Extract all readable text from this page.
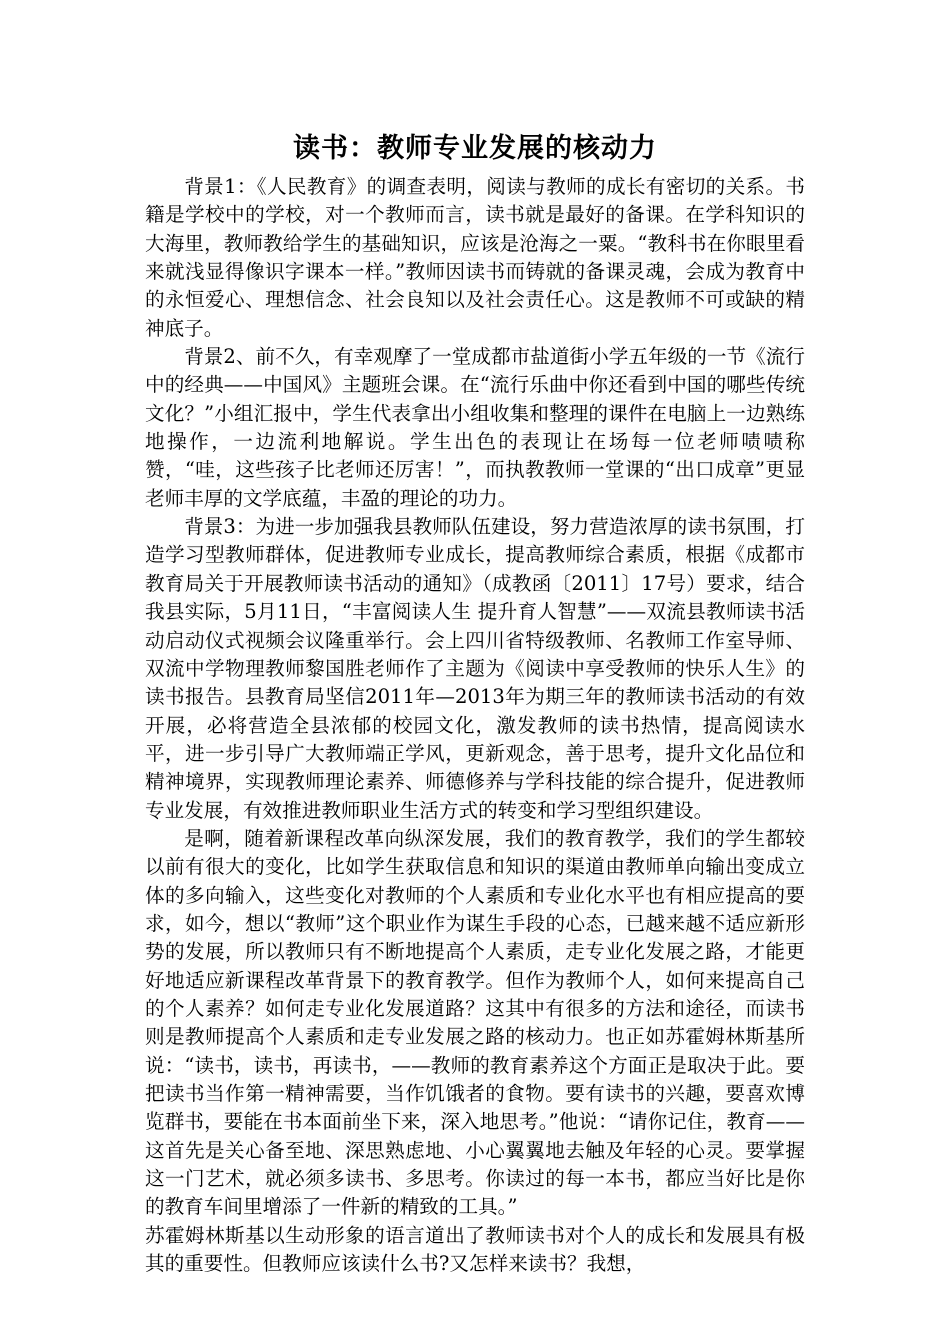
读书：教师专业发展的核动力

背景1：《人民教育》的调查表明，阅读与教师的成长有密切的关系。书籍是学校中的学校，对一个教师而言，读书就是最好的备课。在学科知识的大海里，教师教给学生的基础知识，应该是沧海之一粟。“教科书在你眼里看来就浅显得像识字课本一样。”教师因读书而铸就的备课灵魂，会成为教育中的永恒爱心、理想信念、社会良知以及社会责任心。这是教师不可或缺的精神底子。

背景2、前不久，有幸观摩了一堂成都市盐道街小学五年级的一节《流行中的经典——中国风》主题班会课。在“流行乐曲中你还看到中国的哪些传统文化？”小组汇报中，学生代表拿出小组收集和整理的课件在电脑上一边熟练地操作，一边流利地解说。学生出色的表现让在场每一位老师啧啧称赞，“哇，这些孩子比老师还厉害！”，而执教教师一堂课的“出口成章”更显老师丰厚的文学底蕴，丰盈的理论的功力。

背景3：为进一步加强我县教师队伍建设，努力营造浓厚的读书氛围，打造学习型教师群体，促进教师专业成长，提高教师综合素质，根据《成都市教育局关于开展教师读书活动的通知》（成教函〔2011〕17号）要求，结合我县实际，5月11日，“丰富阅读人生 提升育人智慧”——双流县教师读书活动启动仪式视频会议隆重举行。会上四川省特级教师、名教师工作室导师、双流中学物理教师黎国胜老师作了主题为《阅读中享受教师的快乐人生》的读书报告。县教育局坚信2011年—2013年为期三年的教师读书活动的有效开展，必将营造全县浓郁的校园文化，激发教师的读书热情，提高阅读水平，进一步引导广大教师端正学风，更新观念，善于思考，提升文化品位和精神境界，实现教师理论素养、师德修养与学科技能的综合提升，促进教师专业发展，有效推进教师职业生活方式的转变和学习型组织建设。

是啊，随着新课程改革向纵深发展，我们的教育教学，我们的学生都较以前有很大的变化，比如学生获取信息和知识的渠道由教师单向输出变成立体的多向输入，这些变化对教师的个人素质和专业化水平也有相应提高的要求，如今，想以“教师”这个职业作为谋生手段的心态，已越来越不适应新形势的发展，所以教师只有不断地提高个人素质，走专业化发展之路，才能更好地适应新课程改革背景下的教育教学。但作为教师个人，如何来提高自己的个人素养？如何走专业化发展道路？这其中有很多的方法和途径，而读书则是教师提高个人素质和走专业发展之路的核动力。也正如苏霍姆林斯基所说：“读书，读书，再读书，——教师的教育素养这个方面正是取决于此。要把读书当作第一精神需要，当作饥饿者的食物。要有读书的兴趣，要喜欢博览群书，要能在书本面前坐下来，深入地思考。”他说：“请你记住，教育——这首先是关心备至地、深思熟虑地、小心翼翼地去触及年轻的心灵。要掌握这一门艺术，就必须多读书、多思考。你读过的每一本书，都应当好比是你的教育车间里增添了一件新的精致的工具。”

苏霍姆林斯基以生动形象的语言道出了教师读书对个人的成长和发展具有极其的重要性。但教师应该读什么书?又怎样来读书？我想，
